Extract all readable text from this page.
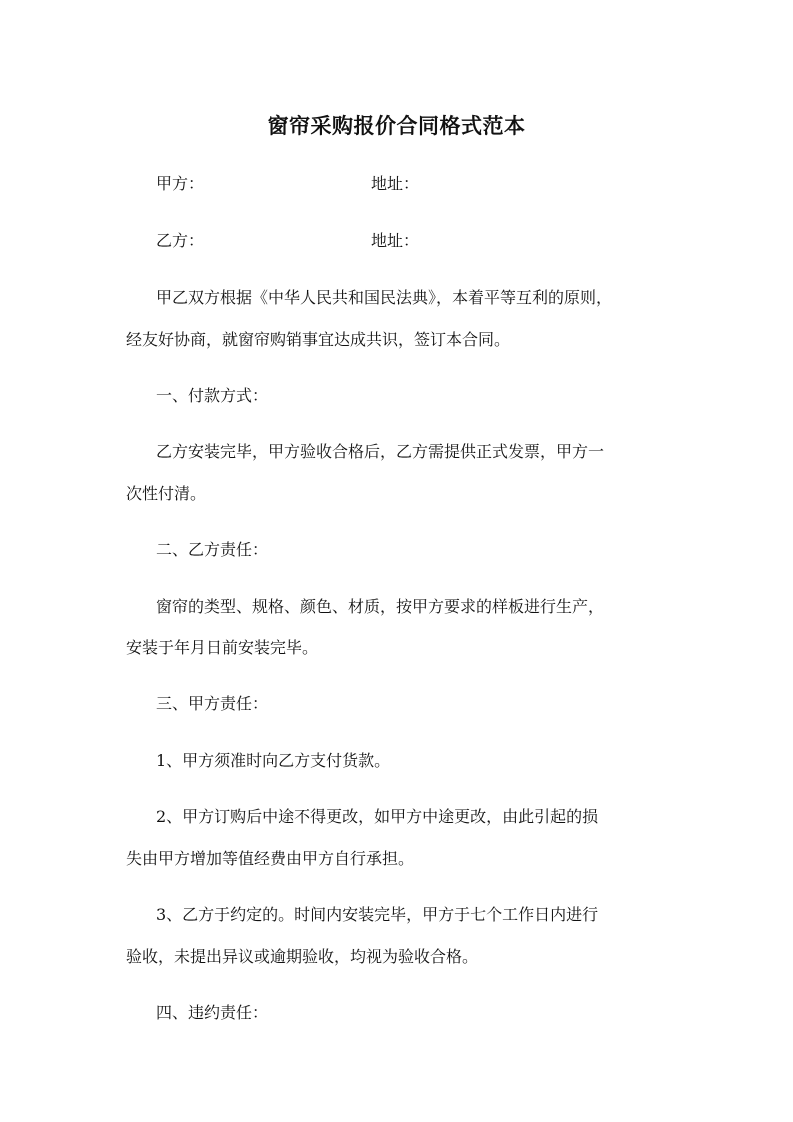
窗帘采购报价合同格式范本
甲方：	地址：
乙方：	地址：
甲乙双方根据《中华人民共和国民法典》，本着平等互利的原则，
经友好协商，就窗帘购销事宜达成共识，签订本合同。
一、付款方式：
乙方安装完毕，甲方验收合格后，乙方需提供正式发票，甲方一
次性付清。
二、乙方责任：
窗帘的类型、规格、颜色、材质，按甲方要求的样板进行生产，
安装于年月日前安装完毕。
三、甲方责任：
1、甲方须准时向乙方支付货款。
2、甲方订购后中途不得更改，如甲方中途更改，由此引起的损
失由甲方增加等值经费由甲方自行承担。
3、乙方于约定的。时间内安装完毕，甲方于七个工作日内进行
验收，未提出异议或逾期验收，均视为验收合格。
四、违约责任：
